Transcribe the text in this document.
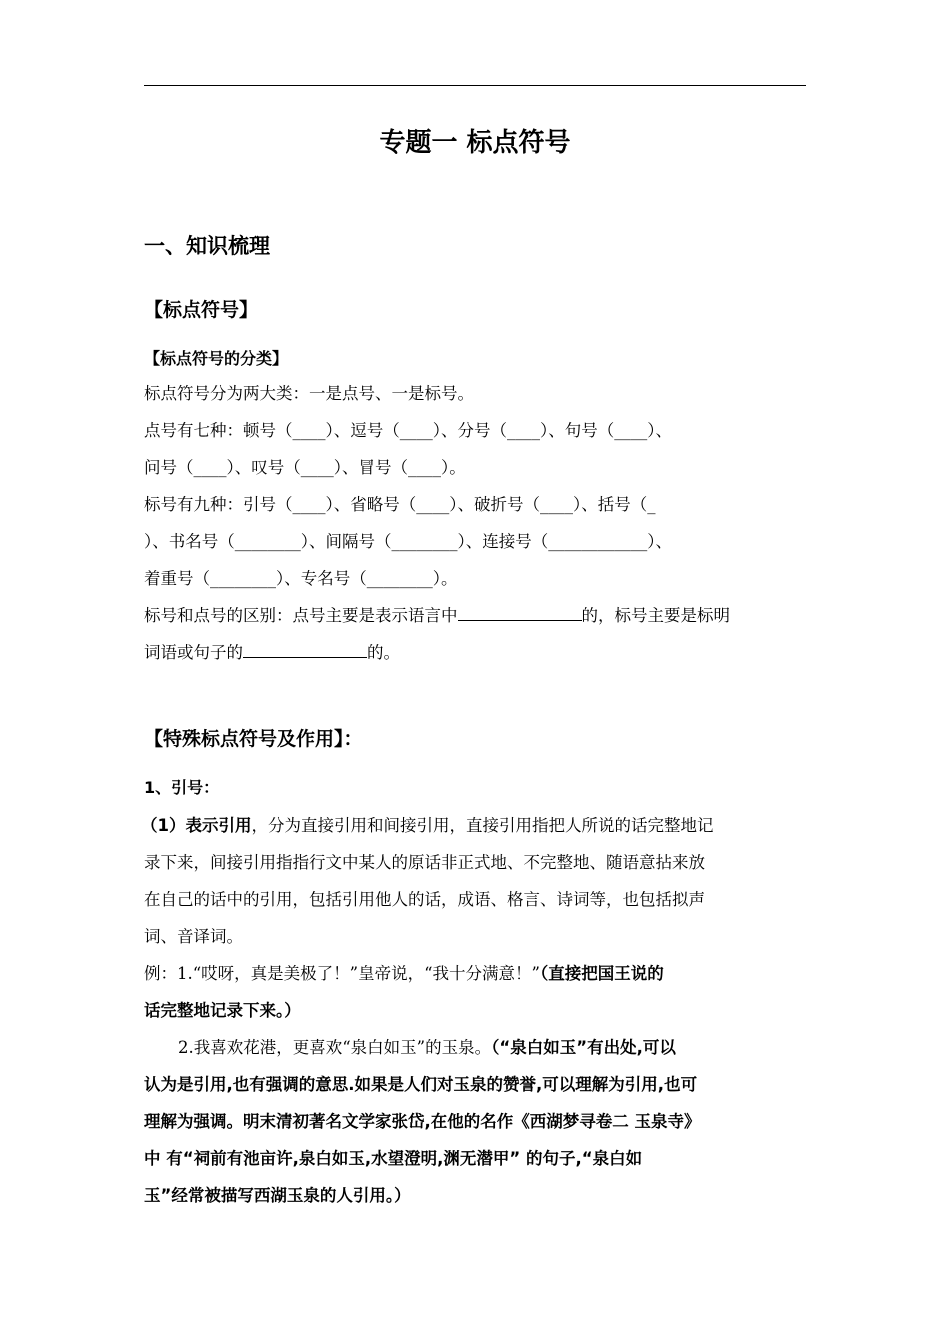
专题一 标点符号
一、知识梳理
【标点符号】
【标点符号的分类】
标点符号分为两大类：一是点号、一是标号。
点号有七种：顿号（____）、逗号（____）、分号（____）、句号（____）、
问号（____）、叹号（____）、冒号（____）。
标号有九种：引号（____）、省略号（____）、破折号（____）、括号（_
）、书名号（________）、间隔号（________）、连接号（____________）、
着重号（________）、专名号（________）。
标号和点号的区别：点号主要是表示语言中	的，标号主要是标明
词语或句子的	的。
【特殊标点符号及作用】：
1、引号：
（1）表示引用，分为直接引用和间接引用，直接引用指把人所说的话完整地记
录下来，间接引用指指行文中某人的原话非正式地、不完整地、随语意拈来放
在自己的话中的引用，包括引用他人的话，成语、格言、诗词等，也包括拟声
词、音译词。
例：1.“哎呀，真是美极了！”皇帝说，“我十分满意！”（直接把国王说的
话完整地记录下来。）
2.我喜欢花港，更喜欢“泉白如玉”的玉泉。（“泉白如玉”有出处,可以
认为是引用,也有强调的意思.如果是人们对玉泉的赞誉,可以理解为引用,也可
理解为强调。明末清初著名文学家张岱,在他的名作《西湖梦寻卷二 玉泉寺》
中 有“祠前有池亩许,泉白如玉,水望澄明,渊无潜甲” 的句子,“泉白如
玉”经常被描写西湖玉泉的人引用。）
